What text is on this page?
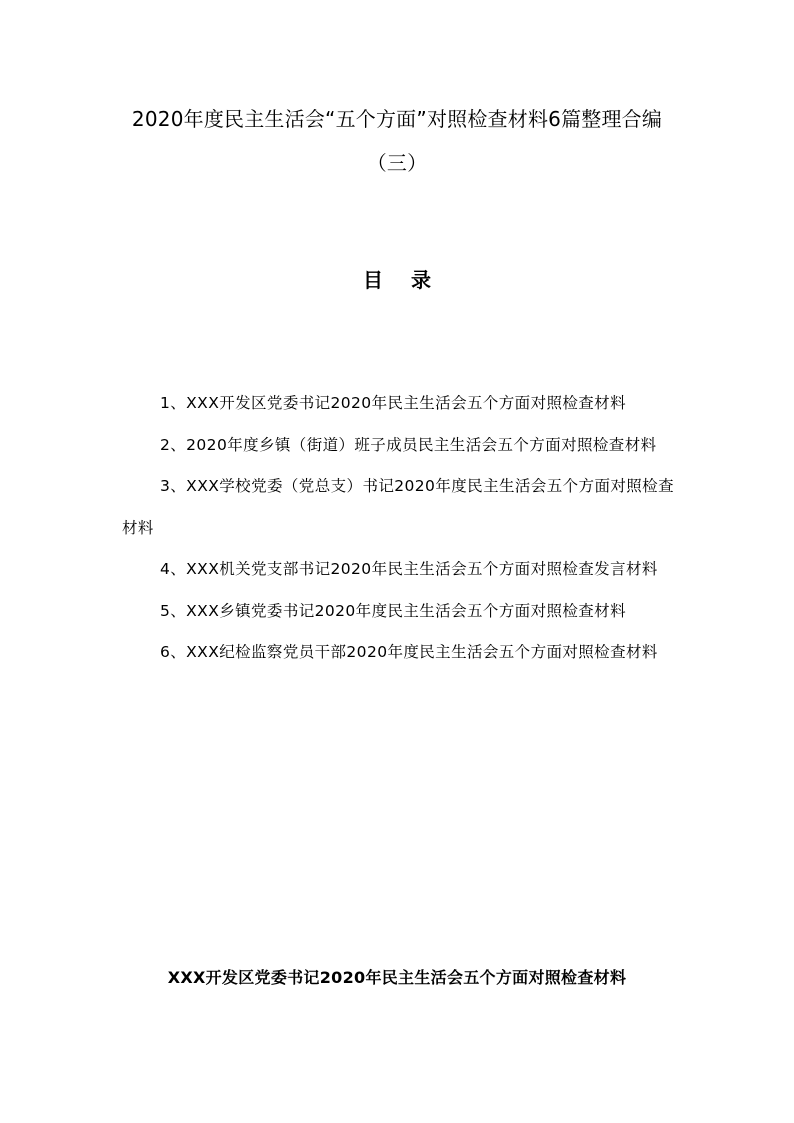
2020年度民主生活会“五个方面”对照检查材料6篇整理合编（三）
目 录
1、XXX开发区党委书记2020年民主生活会五个方面对照检查材料
2、2020年度乡镇（街道）班子成员民主生活会五个方面对照检查材料
3、XXX学校党委（党总支）书记2020年度民主生活会五个方面对照检查材料
4、XXX机关党支部书记2020年民主生活会五个方面对照检查发言材料
5、XXX乡镇党委书记2020年度民主生活会五个方面对照检查材料
6、XXX纪检监察党员干部2020年度民主生活会五个方面对照检查材料
XXX开发区党委书记2020年民主生活会五个方面对照检查材料
